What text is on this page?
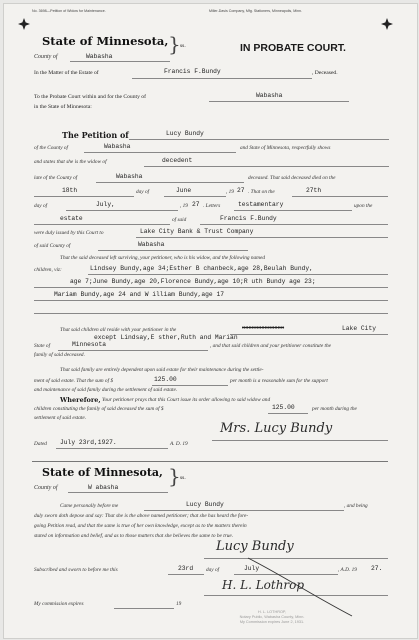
No. 3698—Petition of Widow for Maintenance.	Miller-Davis Company, Mfg. Stationers, Minneapolis, Minn.
State of Minnesota,
County of	Wabasha
} ss.	IN PROBATE COURT.
In the Matter of the Estate of	Francis F.Bundy	, Deceased.
To the Probate Court within and for the County of	Wabasha
in the State of Minnesota:
The Petition of	Lucy Bundy
of the County of	Wabasha	and State of Minnesota, respectfully shows
and states that she is the widow of	decedent
late of the County of	Wabasha	deceased. That said deceased died on the
18th	day of	June	, 19 27 . That on the	27th
day of	July,	, 19 27 . Letters	testamentary	upon the
estate	of said	Francis F.Bundy
were duly issued by this Court to	Lake City Bank & Trust Company
of said County of	Wabasha
That the said deceased left surviving, your petitioner, who is his widow, and the following named
children, viz:	Lindsey Bundy,age 34;Esther B chanbeck,age 28,Beulah Bundy,
age 7;June Bundy,age 20,Florence Bundy,age 10;R uth Bundy age 23;
Mariam Bundy,age 24 and W illiam Bundy,age 17
That said children all reside with your petitioner in the	xxxxxxxxxxxxx	Lake City
except Lindsay,E sther,Ruth and Marian
State of	Minnesota	, and that said children and your petitioner constitute the
family of said deceased.
That said family are entirely dependent upon said estate for their maintenance during the settle-
ment of said estate. That the sum of $	125.00	per month is a reasonable sum for the support
and maintenance of said family during the settlement of said estate.
Wherefore, Your petitioner prays that this Court issue its order allowing to said widow and
children constituting the family of said deceased the sum of $	125.00	per month during the
settlement of said estate.
Dated July 23rd,1927.	A. D. 19
Mrs. Lucy Bundy
State of Minnesota,
County of	W abasha } ss.
Came personally before me	Lucy Bundy	, and being
duly sworn doth depose and say: That she is the above named petitioner; that she has heard the fore-
going Petition read, and that the same is true of her own knowledge, except as to the matters therein
stated on information and belief, and as to those matters that she believes the same to be true.
Lucy Bundy
Subscribed and sworn to before me this	23rd day of	July	, A.D. 19 27.
H. L. Lothrop
My commission expires	19
H. L. LOTHROP,
Notary Public, Wabasha County, Minn.
My Commission expires June 2, 1931.
